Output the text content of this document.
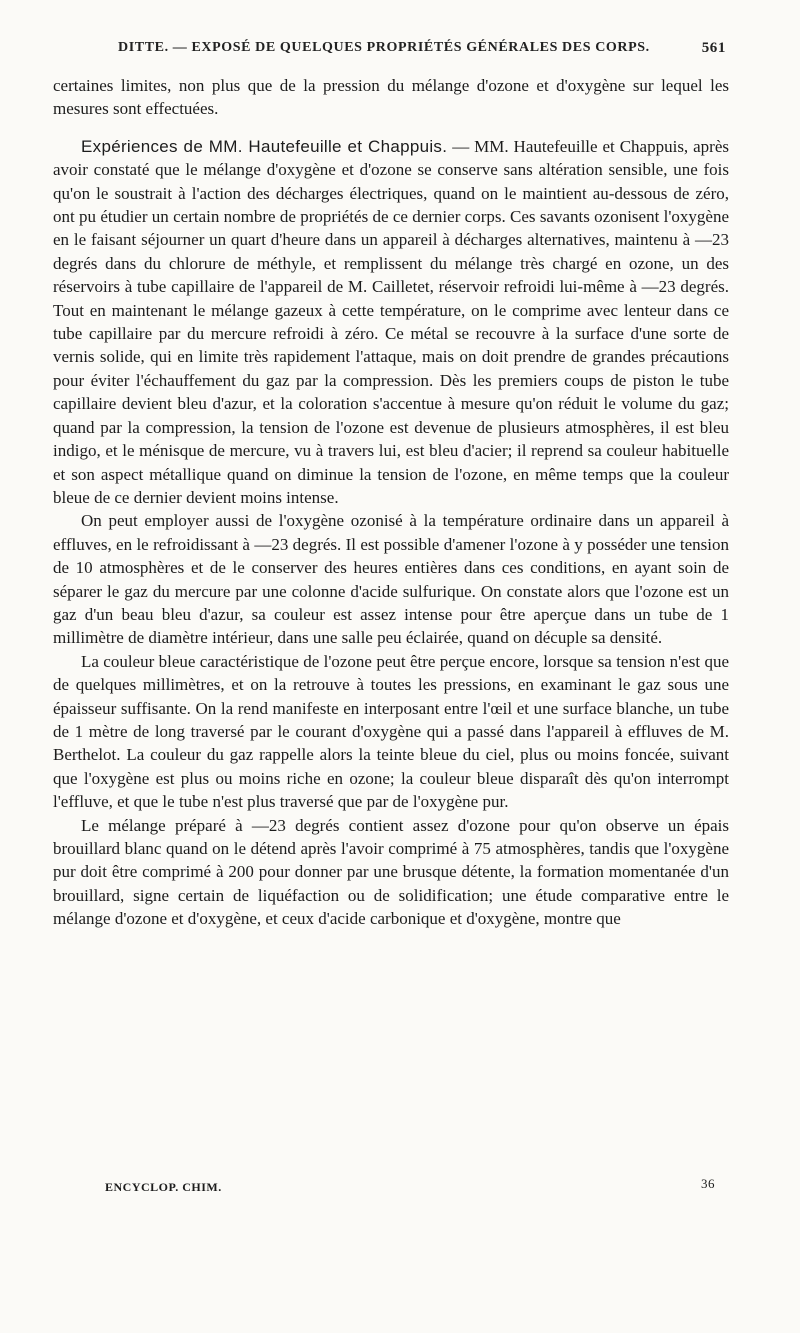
DITTE. — EXPOSÉ DE QUELQUES PROPRIÉTÉS GÉNÉRALES DES CORPS.	561

certaines limites, non plus que de la pression du mélange d'ozone et d'oxygène sur lequel les mesures sont effectuées.

Expériences de MM. Hautefeuille et Chappuis. — MM. Hautefeuille et Chappuis, après avoir constaté que le mélange d'oxygène et d'ozone se conserve sans altération sensible, une fois qu'on le soustrait à l'action des décharges électriques, quand on le maintient au-dessous de zéro, ont pu étudier un certain nombre de propriétés de ce dernier corps. Ces savants ozonisent l'oxygène en le faisant séjourner un quart d'heure dans un appareil à décharges alternatives, maintenu à —23 degrés dans du chlorure de méthyle, et remplissent du mélange très chargé en ozone, un des réservoirs à tube capillaire de l'appareil de M. Cailletet, réservoir refroidi lui-même à —23 degrés. Tout en maintenant le mélange gazeux à cette température, on le comprime avec lenteur dans ce tube capillaire par du mercure refroidi à zéro. Ce métal se recouvre à la surface d'une sorte de vernis solide, qui en limite très rapidement l'attaque, mais on doit prendre de grandes précautions pour éviter l'échauffement du gaz par la compression. Dès les premiers coups de piston le tube capillaire devient bleu d'azur, et la coloration s'accentue à mesure qu'on réduit le volume du gaz; quand par la compression, la tension de l'ozone est devenue de plusieurs atmosphères, il est bleu indigo, et le ménisque de mercure, vu à travers lui, est bleu d'acier; il reprend sa couleur habituelle et son aspect métallique quand on diminue la tension de l'ozone, en même temps que la couleur bleue de ce dernier devient moins intense.

On peut employer aussi de l'oxygène ozonisé à la température ordinaire dans un appareil à effluves, en le refroidissant à —23 degrés. Il est possible d'amener l'ozone à y posséder une tension de 10 atmosphères et de le conserver des heures entières dans ces conditions, en ayant soin de séparer le gaz du mercure par une colonne d'acide sulfurique. On constate alors que l'ozone est un gaz d'un beau bleu d'azur, sa couleur est assez intense pour être aperçue dans un tube de 1 millimètre de diamètre intérieur, dans une salle peu éclairée, quand on décuple sa densité.

La couleur bleue caractéristique de l'ozone peut être perçue encore, lorsque sa tension n'est que de quelques millimètres, et on la retrouve à toutes les pressions, en examinant le gaz sous une épaisseur suffisante. On la rend manifeste en interposant entre l'œil et une surface blanche, un tube de 1 mètre de long traversé par le courant d'oxygène qui a passé dans l'appareil à effluves de M. Berthelot. La couleur du gaz rappelle alors la teinte bleue du ciel, plus ou moins foncée, suivant que l'oxygène est plus ou moins riche en ozone; la couleur bleue disparaît dès qu'on interrompt l'effluve, et que le tube n'est plus traversé que par de l'oxygène pur.

Le mélange préparé à —23 degrés contient assez d'ozone pour qu'on observe un épais brouillard blanc quand on le détend après l'avoir comprimé à 75 atmosphères, tandis que l'oxygène pur doit être comprimé à 200 pour donner par une brusque détente, la formation momentanée d'un brouillard, signe certain de liquéfaction ou de solidification; une étude comparative entre le mélange d'ozone et d'oxygène, et ceux d'acide carbonique et d'oxygène, montre que

ENCYCLOP. CHIM.	36
